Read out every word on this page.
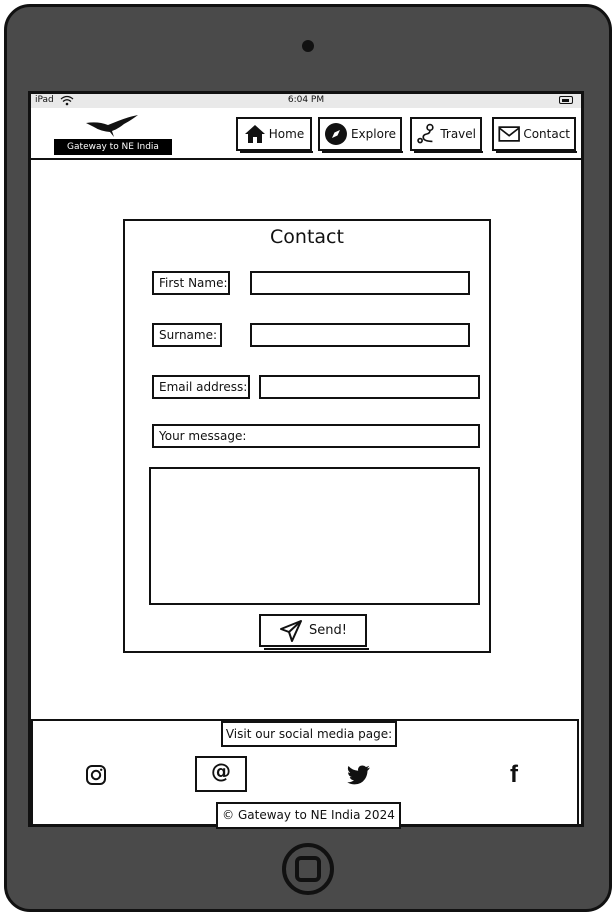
iPad	6:04 PM
Gateway to NE India
Home	Explore	Travel	Contact
Contact
First Name:
Surname:
Email address:
Your message:
Send!
Visit our social media page:
@	f
© Gateway to NE India 2024
